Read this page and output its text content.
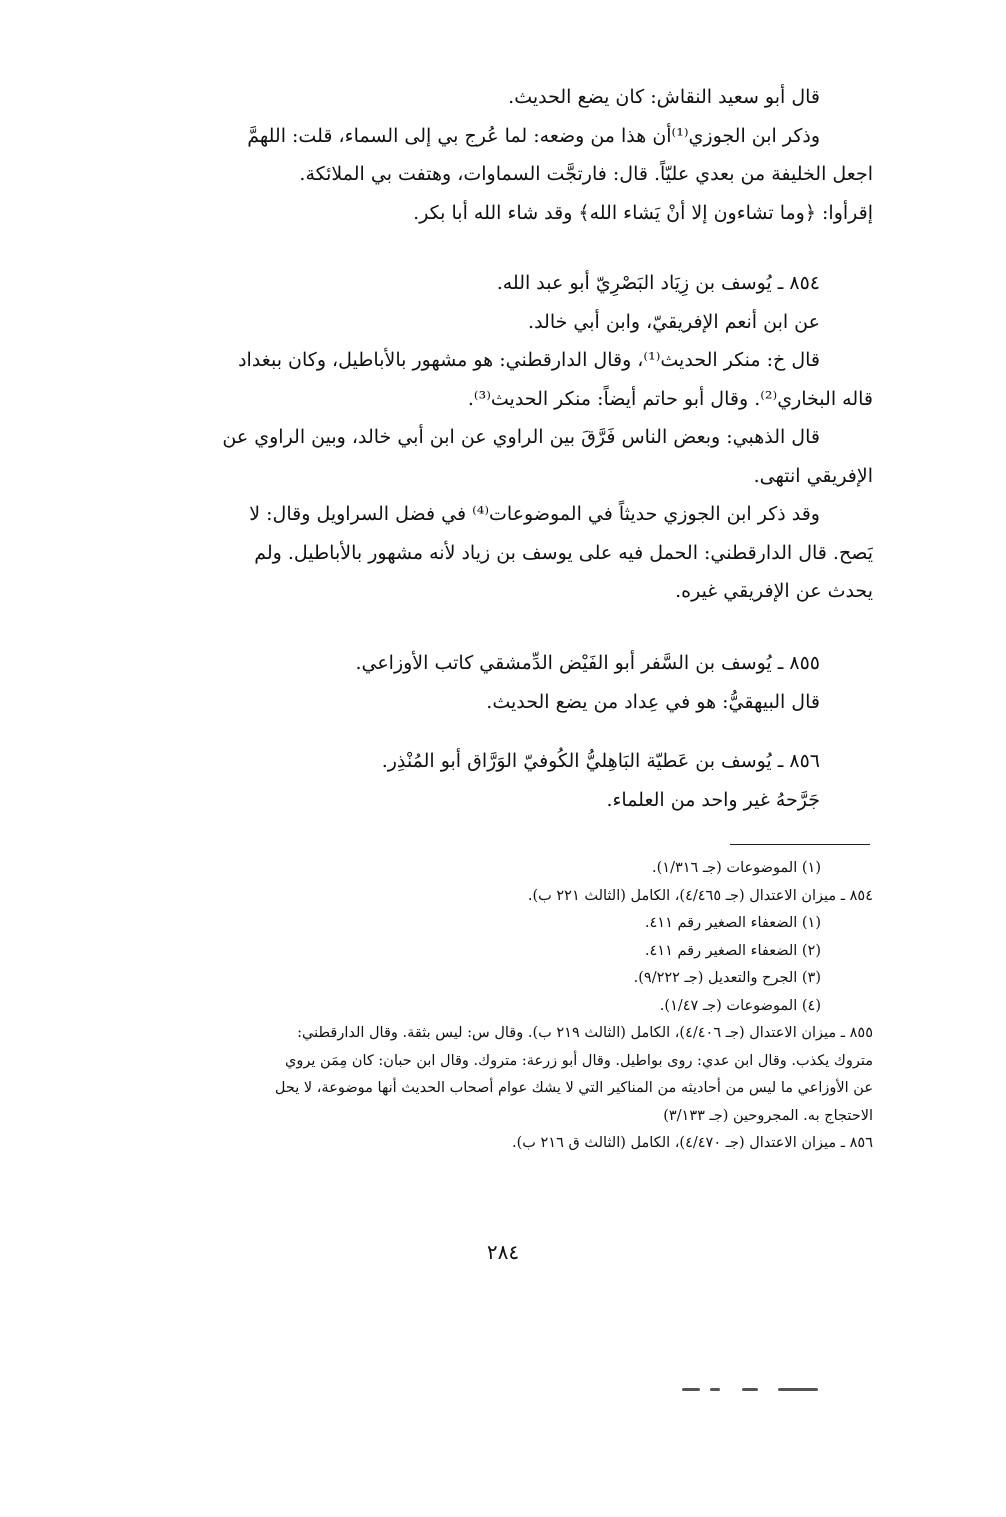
قال أبو سعيد النقاش: كان يضع الحديث.

وذكر ابن الجوزي⁽¹⁾أن هذا من وضعه: لما عُرج بي إلى السماء، قلت: اللهمَّ
اجعل الخليفة من بعدي عليّاً. قال: فارتجَّت السماوات، وهتفت بي الملائكة.
إقرأوا: ﴿وما تشاءون إلا أنْ يَشاء الله﴾ وقد شاء الله أبا بكر.

٨٥٤ ـ يُوسف بن زِيَاد البَصْرِيّ أبو عبد الله.

عن ابن أنعم الإفريقيّ، وابن أبي خالد.

قال خ: منكر الحديث⁽¹⁾، وقال الدارقطني: هو مشهور بالأباطيل، وكان ببغداد
قاله البخاري⁽²⁾. وقال أبو حاتم أيضاً: منكر الحديث⁽³⁾.

قال الذهبي: وبعض الناس فَرَّقَ بين الراوي عن ابن أبي خالد، وبين الراوي عن
الإفريقي انتهى.

وقد ذكر ابن الجوزي حديثاً في الموضوعات⁽⁴⁾ في فضل السراويل وقال: لا
يَصح. قال الدارقطني: الحمل فيه على يوسف بن زياد لأنه مشهور بالأباطيل. ولم
يحدث عن الإفريقي غيره.

٨٥٥ ـ يُوسف بن السَّفر أبو الفَيْض الدِّمشقي كاتب الأوزاعي.

قال البيهقيُّ: هو في عِداد من يضع الحديث.

٨٥٦ ـ يُوسف بن عَطيّة البَاهِليُّ الكُوفيّ الوَرَّاق أبو المُنْذِر.

جَرَّحهُ غير واحد من العلماء.

(١) الموضوعات (جـ ١/٣١٦).
٨٥٤ ـ ميزان الاعتدال (جـ ٤/٤٦٥)، الكامل (الثالث ٢٢١ ب).
(١) الضعفاء الصغير رقم ٤١١.
(٢) الضعفاء الصغير رقم ٤١١.
(٣) الجرح والتعديل (جـ ٩/٢٢٢).
(٤) الموضوعات (جـ ١/٤٧).
٨٥٥ ـ ميزان الاعتدال (جـ ٤/٤٠٦)، الكامل (الثالث ٢١٩ ب). وقال س: ليس بثقة. وقال الدارقطني:
متروك يكذب. وقال ابن عدي: روى بواطيل. وقال أبو زرعة: متروك. وقال ابن حبان: كان مِمَن يروي
عن الأوزاعي ما ليس من أحاديثه من المناكير التي لا يشك عوام أصحاب الحديث أنها موضوعة، لا يحل
الاحتجاج به. المجروحين (جـ ٣/١٣٣)
٨٥٦ ـ ميزان الاعتدال (جـ ٤/٤٧٠)، الكامل (الثالث ق ٢١٦ ب).
٢٨٤
